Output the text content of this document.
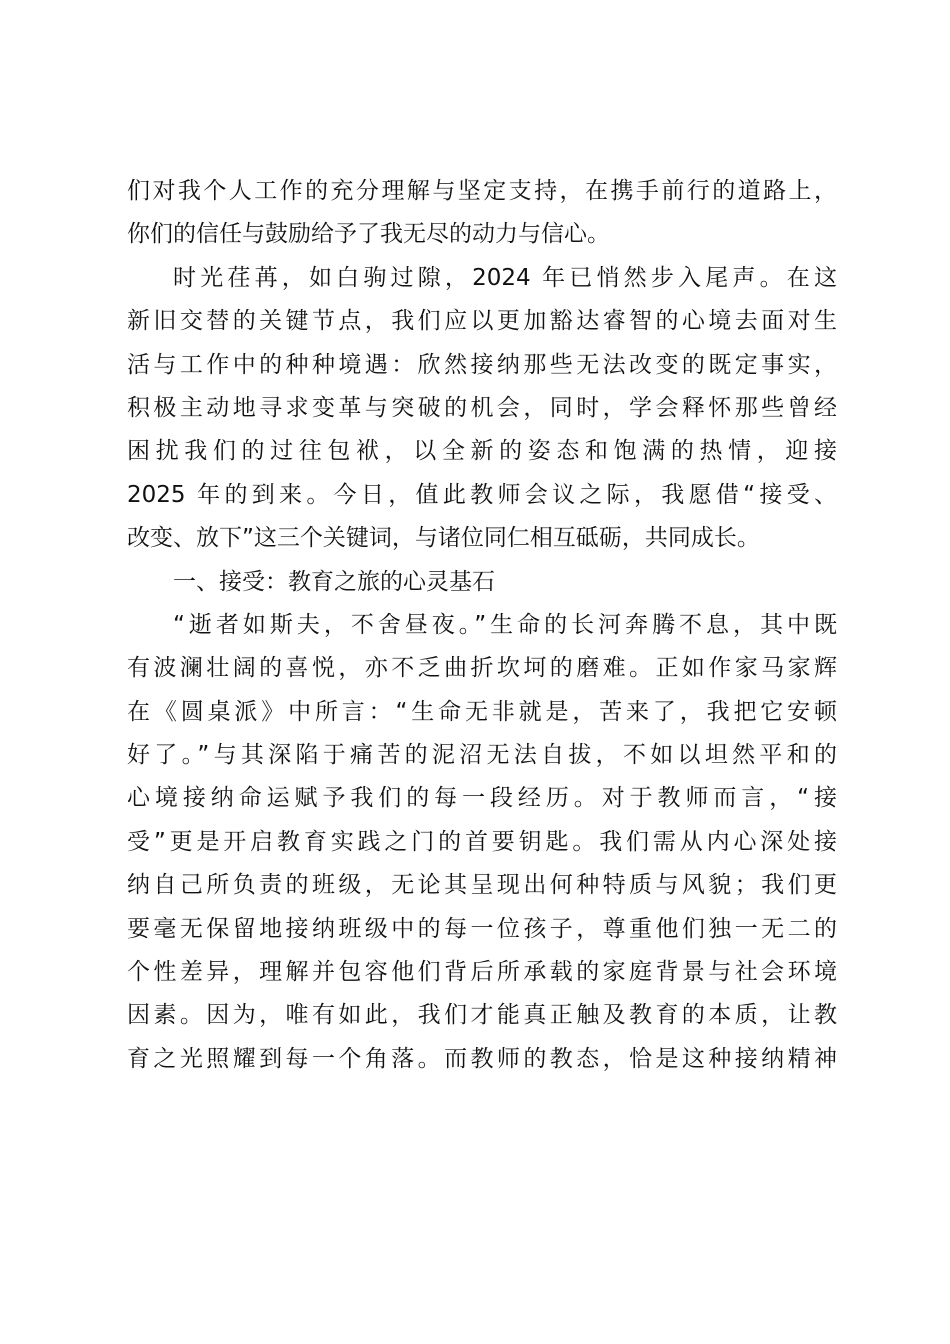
们对我个人工作的充分理解与坚定支持，在携手前行的道路上，
你们的信任与鼓励给予了我无尽的动力与信心。
时光荏苒，如白驹过隙，2024 年已悄然步入尾声。在这
新旧交替的关键节点，我们应以更加豁达睿智的心境去面对生
活与工作中的种种境遇：欣然接纳那些无法改变的既定事实，
积极主动地寻求变革与突破的机会，同时，学会释怀那些曾经
困扰我们的过往包袱，以全新的姿态和饱满的热情，迎接
2025 年的到来。今日，值此教师会议之际，我愿借“接受、
改变、放下”这三个关键词，与诸位同仁相互砥砺，共同成长。
一、接受：教育之旅的心灵基石
“逝者如斯夫，不舍昼夜。”生命的长河奔腾不息，其中既
有波澜壮阔的喜悦，亦不乏曲折坎坷的磨难。正如作家马家辉
在《圆桌派》中所言：“生命无非就是，苦来了，我把它安顿
好了。”与其深陷于痛苦的泥沼无法自拔，不如以坦然平和的
心境接纳命运赋予我们的每一段经历。对于教师而言，“接
受”更是开启教育实践之门的首要钥匙。我们需从内心深处接
纳自己所负责的班级，无论其呈现出何种特质与风貌；我们更
要毫无保留地接纳班级中的每一位孩子，尊重他们独一无二的
个性差异，理解并包容他们背后所承载的家庭背景与社会环境
因素。因为，唯有如此，我们才能真正触及教育的本质，让教
育之光照耀到每一个角落。而教师的教态，恰是这种接纳精神
